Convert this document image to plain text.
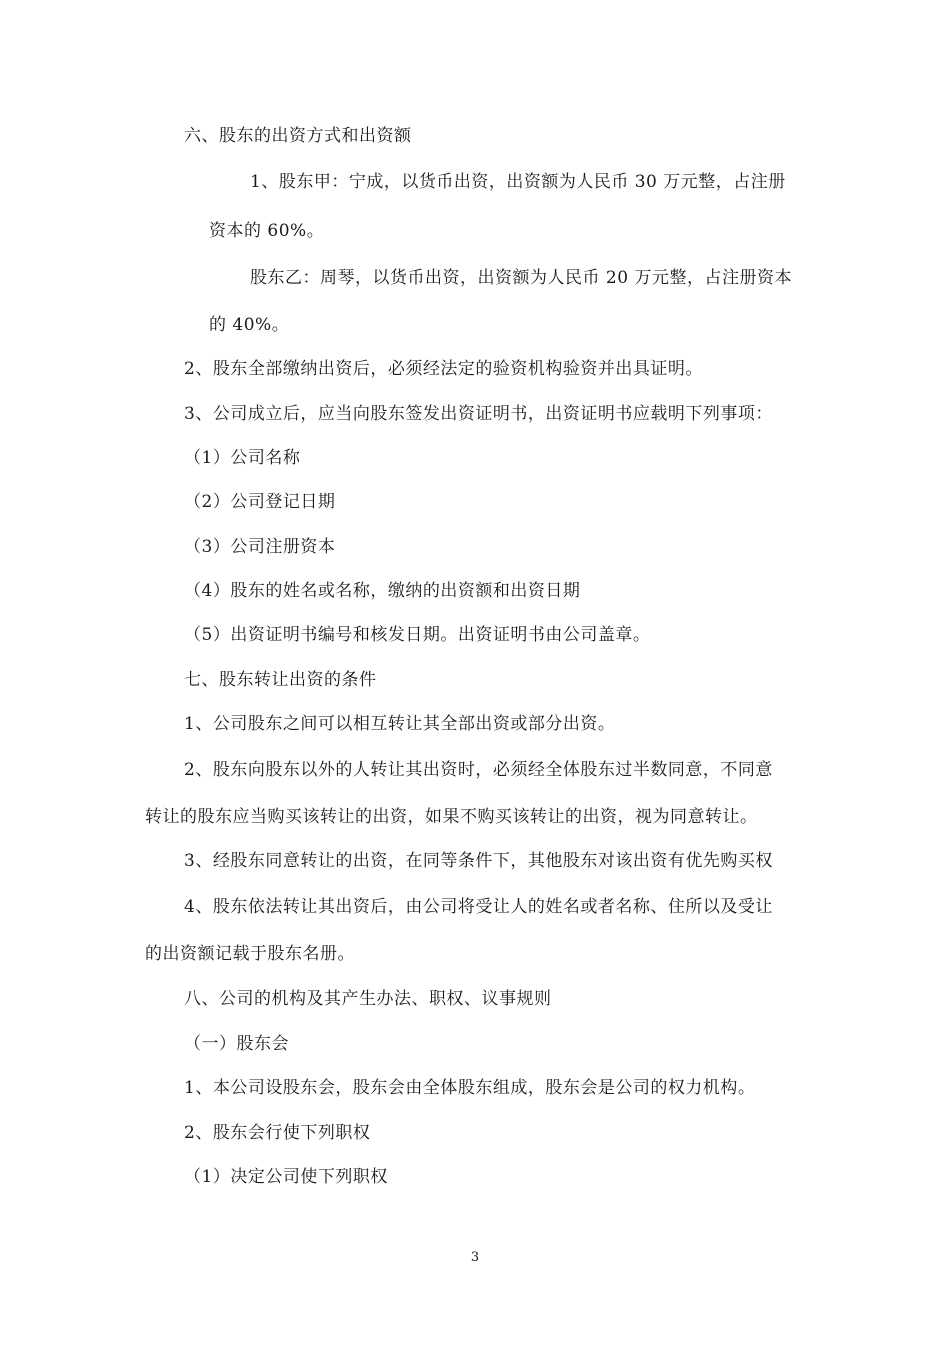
六、股东的出资方式和出资额
1、股东甲：宁成，以货币出资，出资额为人民币 30 万元整，占注册
资本的 60%。
股东乙：周琴，以货币出资，出资额为人民币 20 万元整，占注册资本
的 40%。
2、股东全部缴纳出资后，必须经法定的验资机构验资并出具证明。
3、公司成立后，应当向股东签发出资证明书，出资证明书应载明下列事项：
（1）公司名称
（2）公司登记日期
（3）公司注册资本
（4）股东的姓名或名称，缴纳的出资额和出资日期
（5）出资证明书编号和核发日期。出资证明书由公司盖章。
七、股东转让出资的条件
1、公司股东之间可以相互转让其全部出资或部分出资。
2、股东向股东以外的人转让其出资时，必须经全体股东过半数同意，不同意
转让的股东应当购买该转让的出资，如果不购买该转让的出资，视为同意转让。
3、经股东同意转让的出资，在同等条件下，其他股东对该出资有优先购买权
4、股东依法转让其出资后，由公司将受让人的姓名或者名称、住所以及受让
的出资额记载于股东名册。
八、公司的机构及其产生办法、职权、议事规则
（一）股东会
1、本公司设股东会，股东会由全体股东组成，股东会是公司的权力机构。
2、股东会行使下列职权
（1）决定公司使下列职权
3
